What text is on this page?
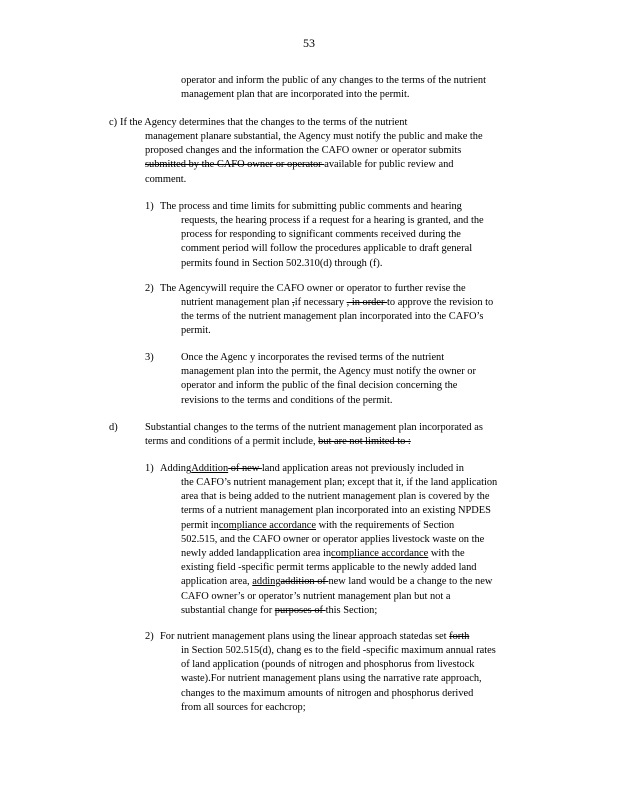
53
operator and inform the public of any changes to the terms of the nutrient
management plan that are incorporated into the permit.
c) If the Agency determines that the changes to the terms of the nutrient
management planare substantial, the Agency must notify the public and make the
proposed changes and the information the CAFO owner or operator submits
submitted by the CAFO owner or operator available for public review and
comment.
1) The process and time limits for submitting public comments and hearing
requests, the hearing process if a request for a hearing is granted, and the
process for responding to significant comments received during the
comment period will follow the procedures applicable to draft general
permits found in Section 502.310(d) through (f).
2) The Agencywill require the CAFO owner or operator to further revise the
nutrient management plan ,if necessary , in order to approve the revision to
the terms of the nutrient management plan incorporated into the CAFO’s
permit.
3)	Once the Agenc y incorporates the revised terms of the nutrient
management plan into the permit, the Agency must notify the owner or
operator and inform the public of the final decision concerning the
revisions to the terms and conditions of the permit.
d)	Substantial changes to the terms of the nutrient management plan incorporated as
terms and conditions of a permit include, but are not limited to :
1) AddingAddition of new land application areas not previously included in
the CAFO’s nutrient management plan; except that it, if the land application
area that is being added to the nutrient management plan is covered by the
terms of a nutrient management plan incorporated into an existing NPDES
permit incompliance accordance with the requirements of Section
502.515, and the CAFO owner or operator applies livestock waste on the
newly added landapplication area incompliance accordance with the
existing field -specific permit terms applicable to the newly added land
application area, addingaddition of new land would be a change to the new
CAFO owner’s or operator’s nutrient management plan but not a
substantial change for purposes of this Section;
2) For nutrient management plans using the linear approach statedas set forth
in Section 502.515(d), chang es to the field -specific maximum annual rates
of land application (pounds of nitrogen and phosphorus from livestock
waste).For nutrient management plans using the narrative rate approach,
changes to the maximum amounts of nitrogen and phosphorus derived
from all sources for eachcrop;
